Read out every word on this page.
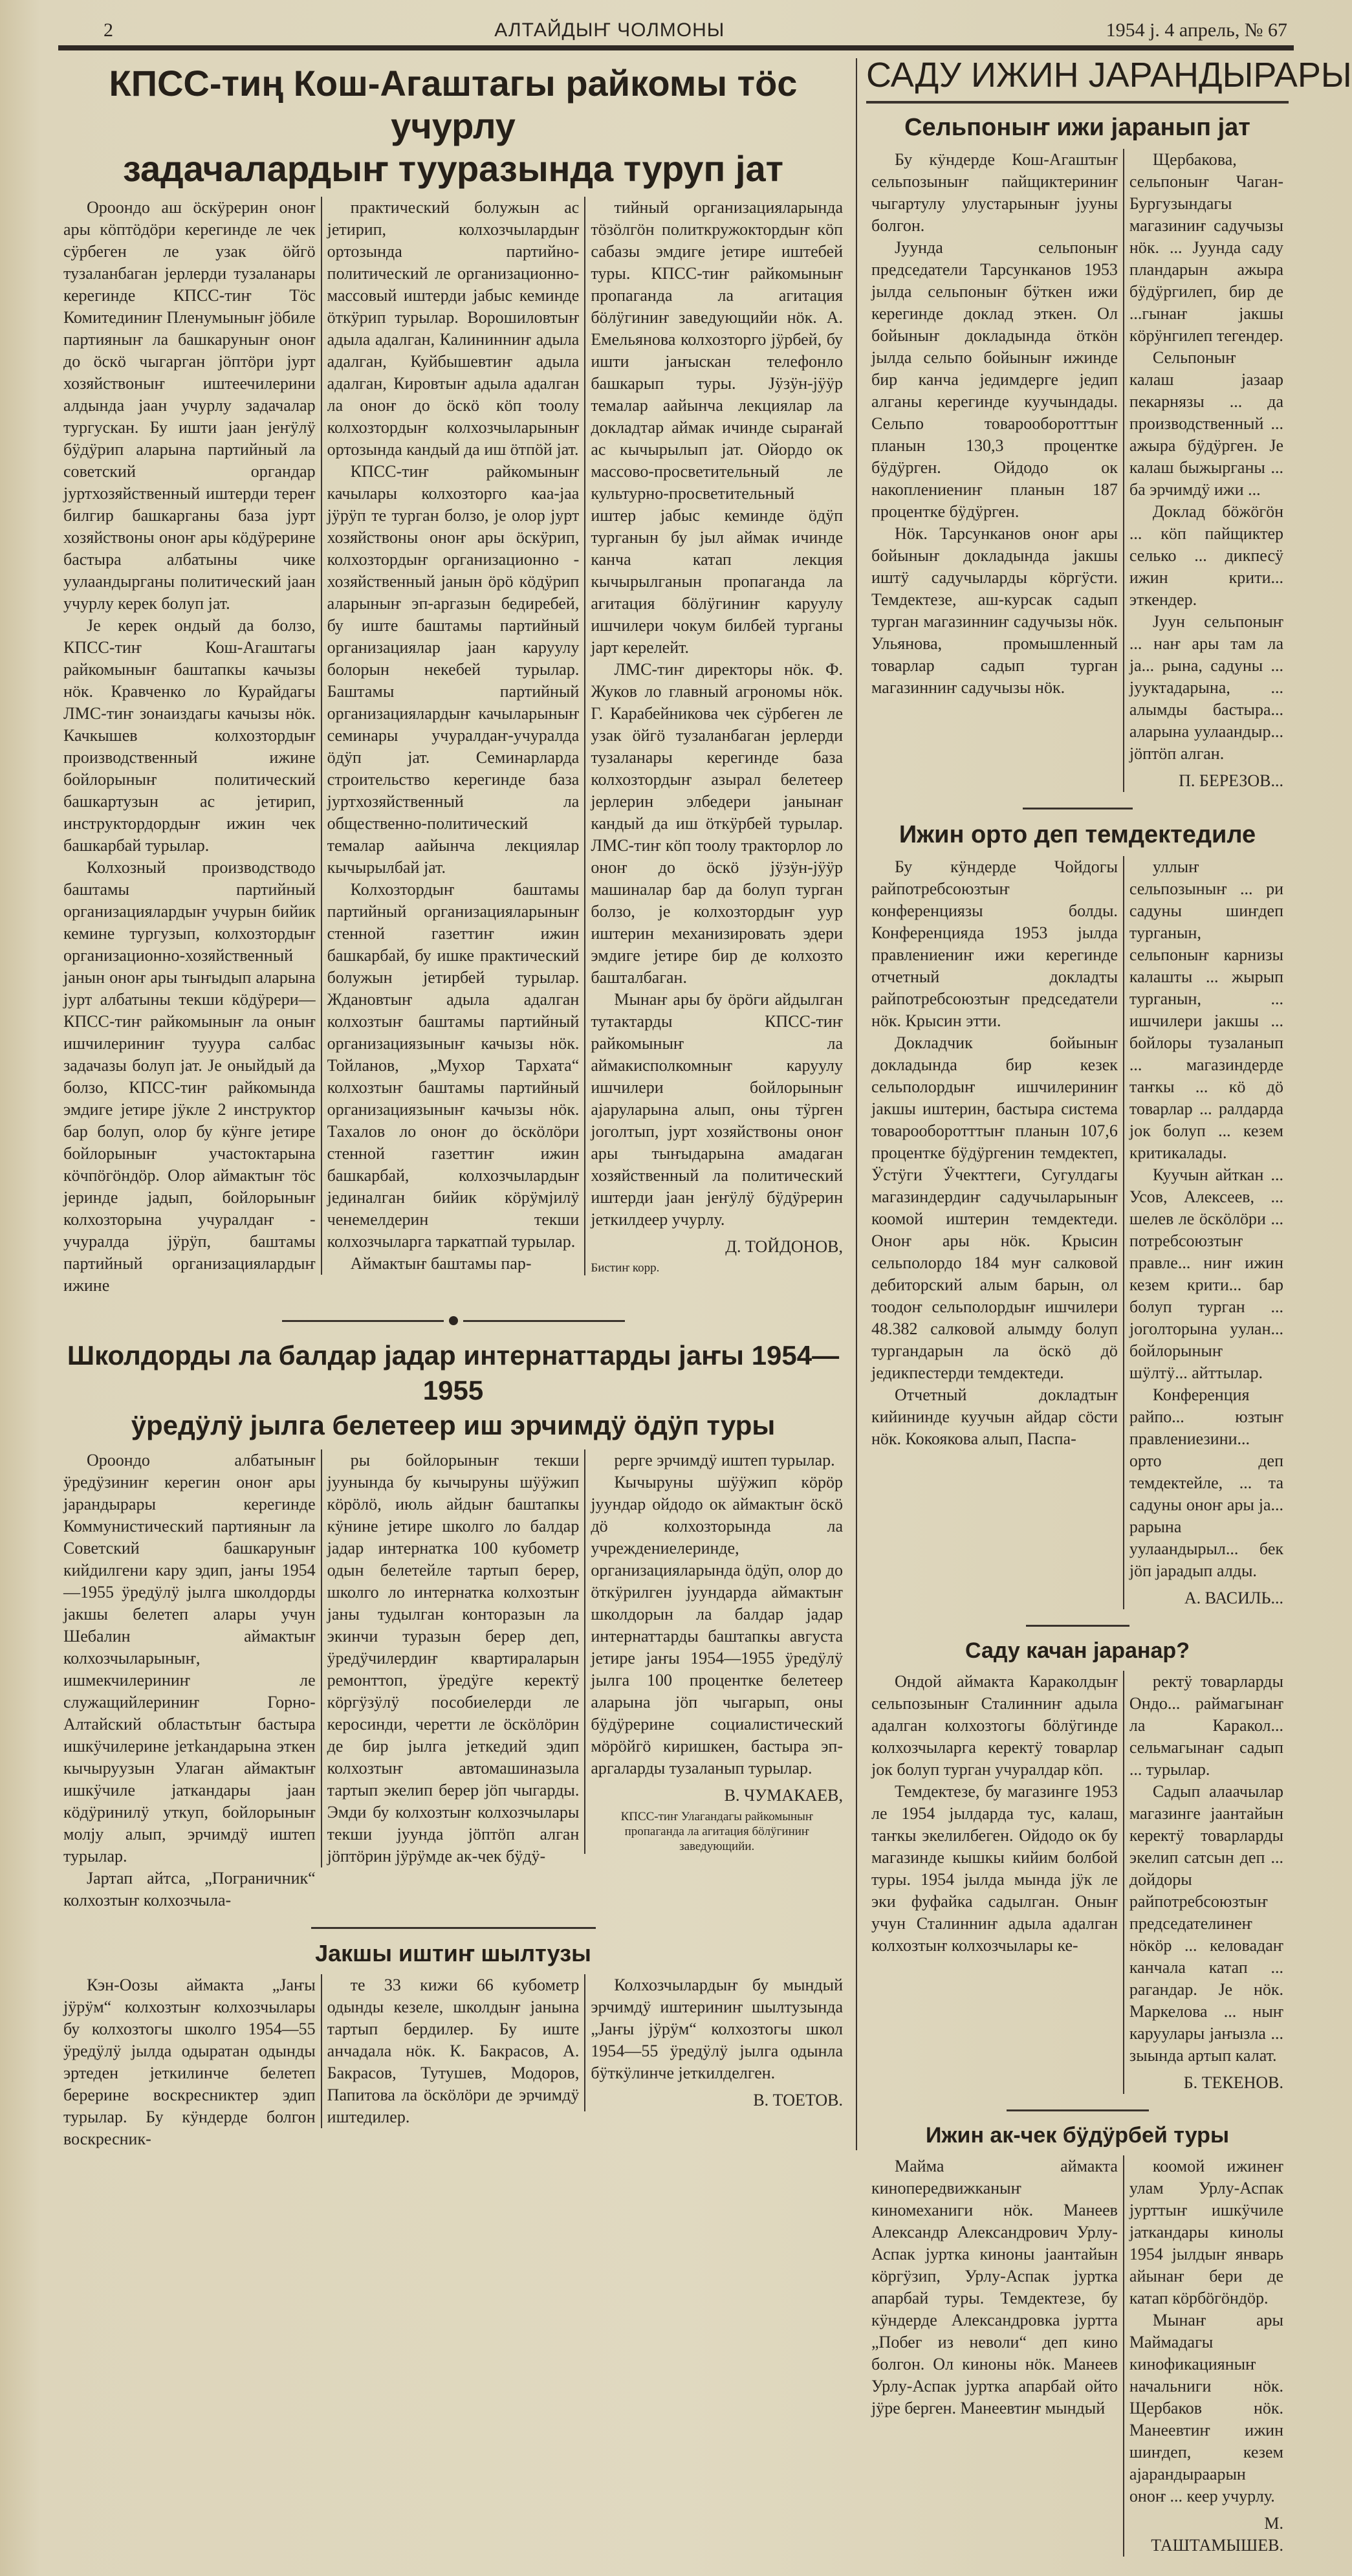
2	АЛТАЙДЫҤ ЧОЛМОНЫ	1954 ј. 4 апрель, № 67
КПСС-тиң Кош-Агаштагы райкомы тӧс учурлу
задачалардыҥ тууразында туруп јат

Ороондо аш ӧскӱрерин оноҥ ары кӧптӧдӧри керегинде ле чек сӱрбеген ле узак ӧйгӧ тузаланбаган јерлерди тузаланары керегинде КПСС-тиҥ Тӧс Комитединиҥ Пленумыныҥ јӧбиле партияныҥ ла башкаруныҥ оноҥ до ӧскӧ чыгарган јӧптӧри јурт хозяйствоныҥ иштеечилерини алдында јаан учурлу задачалар тургускан. Бу ишти јаан јеҥӱлӱ бӱдӱрип аларына партийный ла советский органдар јуртхозяйственный иштерди тереҥ билгир башкарганы база јурт хозяйствоны оноҥ ары кӧдӱрерине бастыра албатыны чике уулаандырганы политический јаан учурлу керек болуп јат.

Је керек ондый да болзо, КПСС-тиҥ Кош-Агаштагы райкомыныҥ баштапкы качызы нӧк. Кравченко ло Курайдагы ЛМС-тиҥ зонаиздагы качызы нӧк. Качкышев колхозтордыҥ производственный ижине бойлорыныҥ политический башкартузын ас јетирип, инструктордордыҥ ижин чек башкарбай турылар.

Колхозный производстводо баштамы партийный организациялардыҥ учурын бийик кемине тургузып, колхозтордыҥ организационно-хозяйственный јанын оноҥ ары тыҥыдып аларына јурт албатыны текши кӧдӱрери—КПСС-тиҥ райкомыныҥ ла оныҥ ишчилериниҥ тууура салбас задачазы болуп јат. Је оныйдый да болзо, КПСС-тиҥ райкомында эмдиге јетире јӱкле 2 инструктор бар болуп, олор бу кӱнге јетире бойлорыныҥ участоктарына кӧчпӧгӧндӧр. Олор аймактыҥ тӧс јеринде јадып, бойлорыныҥ колхозторына учуралдаҥ - учуралда јӱрӱп, баштамы партийный организациялардыҥ ижине

практический болужын ас јетирип, колхозчылардыҥ ортозында партийно-политический ле организационно-массовый иштерди јабыс кеминде ӧткӱрип турылар. Ворошиловтыҥ адыла адалган, Калининниҥ адыла адалган, Куйбышевтиҥ адыла адалган, Кировтыҥ адыла адалган ла оноҥ до ӧскӧ кӧп тоолу колхозтордыҥ колхозчыларыныҥ ортозында кандый да иш ӧтпӧй јат.

КПСС-тиҥ райкомыныҥ качылары колхозторго каа-јаа јӱрӱп те турган болзо, је олор јурт хозяйствоны оноҥ ары ӧскӱрип, колхозтордыҥ организационно - хозяйственный јанын ӧрӧ кӧдӱрип аларыныҥ эп-аргазын бедиребей, бу иште баштамы партийный организациялар јаан каруулу болорын некебей турылар. Баштамы партийный организациялардыҥ качыларыныҥ семинары учуралдаҥ-учуралда ӧдӱп јат. Семинарларда строительство керегинде база јуртхозяйственный ла общественно-политический темалар аайынча лекциялар кычырылбай јат.

Колхозтордыҥ баштамы партийный организацияларыныҥ стенной газеттиҥ ижин башкарбай, бу ишке практический болужын јетирбей турылар. Ждановтыҥ адыла адалган колхозтыҥ баштамы партийный организациязыныҥ качызы нӧк. Тойланов, „Мухор Тархата“ колхозтыҥ баштамы партийный организациязыныҥ качызы нӧк. Тахалов ло оноҥ до ӧскӧлӧри стенной газеттиҥ ижин башкарбай, колхозчылардыҥ јединалган бийик кӧрӱмјилӱ ченемелдерин текши колхозчыларга таркатпай турылар.

Аймактыҥ баштамы пар-

тийный организацияларында тӧзӧлгӧн политкружоктордыҥ кӧп сабазы эмдиге јетире иштебей туры. КПСС-тиҥ райкомыныҥ пропаганда ла агитация бӧлӱгиниҥ заведующийи нӧк. А. Емельянова колхозторго јӱрбей, бу ишти јаҥыскан телефонло башкарып туры. Јӱзӱн-јӱӱр темалар аайынча лекциялар ла докладтар аймак ичинде сыраҥай ас кычырылып јат. Ойордо ок массово-просветительный ле культурно-просветительный иштер јабыс кеминде ӧдӱп турганын бу јыл аймак ичинде канча катап лекция кычырылганын пропаганда ла агитация бӧлӱгиниҥ каруулу ишчилери чокум билбей турганы јарт керелейт.

ЛМС-тиҥ директоры нӧк. Ф. Жуков ло главный агрономы нӧк. Г. Карабейникова чек сӱрбеген ле узак ӧйгӧ тузаланбаган јерлерди тузаланары керегинде база колхозтордыҥ азырал белетеер јерлерин элбедери јанынаҥ кандый да иш ӧткӱрбей турылар. ЛМС-тиҥ кӧп тоолу тракторлор ло оноҥ до ӧскӧ јӱзӱн-јӱӱр машиналар бар да болуп турган болзо, је колхозтордыҥ уур иштерин механизировать эдери эмдиге јетире бир де колхозто башталбаган.

Мынаҥ ары бу ӧрӧги айдылган тутактарды КПСС-тиҥ райкомыныҥ ла аймакисполкомныҥ каруулу ишчилери бойлорыныҥ ајаруларына алып, оны тӱрген јоголтып, јурт хозяйствоны оноҥ ары тыҥыдарына амадаган хозяйственный ла политический иштерди јаан јеҥӱлӱ бӱдӱрерин јеткилдеер учурлу.

Д. ТОЙДОНОВ,
Бистиҥ корр.
Школдорды ла балдар јадар интернаттарды јаҥы 1954—1955
ӱредӱлӱ јылга белетеер иш эрчимдӱ ӧдӱп туры

Ороондо албатыныҥ ӱредӱзиниҥ керегин оноҥ ары јарандырары керегинде Коммунистический партияныҥ ла Советский башкаруныҥ кийдилгени кару эдип, јаҥы 1954—1955 ӱредӱлӱ јылга школдорды јакшы белетеп алары учун Шебалин аймактыҥ колхозчыларыныҥ, ишмекчилериниҥ ле служащийлериниҥ Горно-Алтайский областьтыҥ бастыра ишкӱчилерине јетkандарына эткен кычыруузын Улаган аймактыҥ ишкӱчиле јаткандары јаан кӧдӱринилӱ уткуп, бойлорыныҥ молју алып, эрчимдӱ иштеп турылар.

Јартап айтса, „Пограничник“ колхозтыҥ колхозчыла-

ры бойлорыныҥ текши јуунында бу кычыруны шӱӱжип кӧрӧлӧ, июль айдыҥ баштапкы кӱнине јетире школго ло балдар јадар интернатка 100 кубометр одын белетейле тартып берер, школго ло интернатка колхозтыҥ јаны тудылган конторазын ла экинчи туразын берер деп, ӱредӱчилердиҥ квартираларын ремонттоп, ӱредӱге керектӱ кӧргӱзӱлӱ пособиелерди ле керосинди, черетти ле ӧскӧлӧрин де бир јылга јеткедий эдип колхозтыҥ автомашиназыла тартып экелип берер јӧп чыгарды. Эмди бу колхозтыҥ колхозчылары текши јуунда јӧптӧп алган јӧптӧрин јӱрӱмде ак-чек бӱдӱ-

рерге эрчимдӱ иштеп турылар.

Кычыруны шӱӱжип кӧрӧр јуундар ойдодо ок аймактыҥ ӧскӧ дӧ колхозторында ла учреждениелеринде, организацияларында ӧдӱп, олор до ӧткӱрилген јуундарда аймактыҥ школдорын ла балдар јадар интернаттарды баштапкы августа јетире јаҥы 1954—1955 ӱредӱлӱ јылга 100 процентке белетеер аларына јӧп чыгарып, оны бӱдӱрерине социалистический мӧрӧйгӧ киришкен, бастыра эп-аргаларды тузаланып турылар.

В. ЧУМАКАЕВ,
КПСС-тиҥ Улагандагы райкомыныҥ пропаганда ла агитация бӧлӱгиниҥ заведующийи.
Јакшы иштиҥ шылтузы

Кэн-Оозы аймакта „Јаҥы јӱрӱм“ колхозтыҥ колхозчылары бу колхозтогы школго 1954—55 ӱредӱлӱ јылда одыратан одынды эртеден јеткилинче белетеп берерине воскресниктер эдип турылар. Бу кӱндерде болгон воскресник-

те 33 кижи 66 кубометр одынды кезеле, школдыҥ јанына тартып бердилер. Бу иште анчадала нӧк. К. Бакрасов, А. Бакрасов, Тутушев, Модоров, Папитова ла ӧскӧлӧри де эрчимдӱ иштедилер.

Колхозчылардыҥ бу мындый эрчимдӱ иштериниҥ шылтузында „Јаҥы јӱрӱм“ колхозтогы школ 1954—55 ӱредӱлӱ јылга одынла бӱткӱлинче јеткилделген.

В. ТОЕТОВ.
САДУ ИЖИН ЈАРАНДЫРАРЫ
Сельпоныҥ ижи јаранып јат

Бу кӱндерде Кош-Агаштыҥ сельпозыныҥ пайщиктериниҥ чыгартулу улустарыныҥ јууны болгон.

Јуунда сельпоныҥ председатели Тарсунканов 1953 јылда сельпоныҥ бӱткен ижи керегинде доклад эткен. Ол бойыныҥ докладында ӧткӧн јылда сельпо бойыныҥ ижинде бир канча једимдерге једип алганы керегинде куучындады. Сельпо товарооборотттыҥ планын 130,3 процентке бӱдӱрген. Ойдодо ок накоплениениҥ планын 187 процентке бӱдӱрген.

Нӧк. Тарсунканов оноҥ ары бойыныҥ докладында јакшы иштӱ садучыларды кӧргӱсти. Темдектезе, аш-курсак садып турган магазинниҥ садучызы нӧк. Ульянова, промышленный товарлар садып турган магазинниҥ садучызы нӧк.

Щербакова, сельпоныҥ Чаган-Бургузындагы магазиниҥ садучызы нӧк. ... Јуунда саду пландарын ажыра бӱдӱргилеп, бир де ...гынаҥ јакшы кӧрӱнгилеп тегендер.

Сельпоныҥ калаш јазаар пекарнязы ... да производственный ... ажыра бӱдӱрген. Је калаш быжырганы ... ба эрчимдӱ ижи ...

Доклад бӧжӧгӧн ... кӧп пайщиктер селько ... дикпесӱ ижин крити... эткендер.

Јуун сельпоныҥ ... наҥ ары там ла ја... рына, садуны ... јууктадарына, ... алымды бастыра... аларына уулаандыр... јӧптӧп алган.

П. БЕРЕЗОВ...
Ижин орто деп темдектедиле

Бу кӱндерде Чойдогы райпотребсоюзтыҥ конференциязы болды. Конференцияда 1953 јылда правлениениҥ ижи керегинде отчетный докладты райпотребсоюзтыҥ председатели нӧк. Крысин этти.

Докладчик бойыныҥ докладында бир кезек сельполордыҥ ишчилериниҥ јакшы иштерин, бастыра система товарооборотттыҥ планын 107,6 процентке бӱдӱргенин темдектеп, Ӱстӱги Ӱчекттеги, Сугулдагы магазиндердиҥ садучыларыныҥ коомой иштерин темдектеди. Оноҥ ары нӧк. Крысин сельполордо 184 муҥ салковой дебиторский алым барын, ол тоодоҥ сельполордыҥ ишчилери 48.382 салковой алымду болуп тургандарын ла ӧскӧ дӧ једикпестерди темдектеди.

Отчетный докладтыҥ кийининде куучын айдар сӧсти нӧк. Кокоякова алып, Паспа-

уллыҥ сельпозыныҥ ... ри садуны шиҥдеп турганын, сельпоныҥ карнизы калашты ... жырып турганын, ... ишчилери јакшы ... бойлоры тузаланып ... магазиндерде таҥкы ... кӧ дӧ товарлар ... ралдарда јок болуп ... кезем критикалады.

Куучын айткан ... Усов, Алексеев, ... шелев ле ӧскӧлӧри ... потребсоюзтыҥ правле... ниҥ ижин кезем крити... бар болуп турган ... јоголторына уулан... бойлорыныҥ шӱлтӱ... айттылар.

Конференция райпо... юзтыҥ правлениезини... орто деп темдектейле, ... та садуны оноҥ ары ја... рарына уулаандырыл... бек јӧп јарадып алды.

А. ВАСИЛЬ...
Саду качан јаранар?

Ондой аймакта Караколдыҥ сельпозыныҥ Сталинниҥ адыла адалган колхозтогы бӧлӱгинде колхозчыларга керектӱ товарлар јок болуп турган учуралдар кӧп.

Темдектезе, бу магазинге 1953 ле 1954 јылдарда тус, калаш, таҥкы экелилбеген. Ойдодо ок бу магазинде кышкы кийим болбой туры. 1954 јылда мында јӱк ле эки фуфайка садылган. Оныҥ учун Сталинниҥ адыла адалган колхозтыҥ колхозчылары ке-

ректӱ товарларды Ондо... раймагынаҥ ла Каракол... сельмагынаҥ садып ... турылар.

Садып алаачылар магазинге јаантайын керектӱ товарларды экелип сатсын деп ... дойдоры райпотребсоюзтыҥ председателинеҥ нӧкӧр ... келовадаҥ канчала катап ... рагандар. Је нӧк. Маркелова ... ныҥ каруулары јаҥызла ... зыында артып калат.

Б. ТЕКЕНОВ.
Ижин ак-чек бӱдӱрбей туры

Майма аймакта кинопередвижканыҥ киномеханиги нӧк. Манеев Александр Александрович Урлу-Аспак јуртка киноны јаантайын кӧргӱзип, Урлу-Аспак јуртка апарбай туры. Темдектезе, бу кӱндерде Александровка јуртта „Побег из неволи“ деп кино болгон. Ол киноны нӧк. Манеев Урлу-Аспак јуртка апарбай ойто јӱре берген. Манеевтиҥ мындый

коомой ижинеҥ улам Урлу-Аспак јурттыҥ ишкӱчиле јаткандары кинолы 1954 јылдыҥ январь айынаҥ бери де катап кӧрбӧгӧндӧр.

Мынаҥ ары Маймадагы кинофикацияныҥ начальниги нӧк. Щербаков нӧк. Манеевтиҥ ижин шиҥдеп, кезем ајарандыраарын оноҥ ... кеер учурлу.

М. ТАШТАМЫШЕВ.
